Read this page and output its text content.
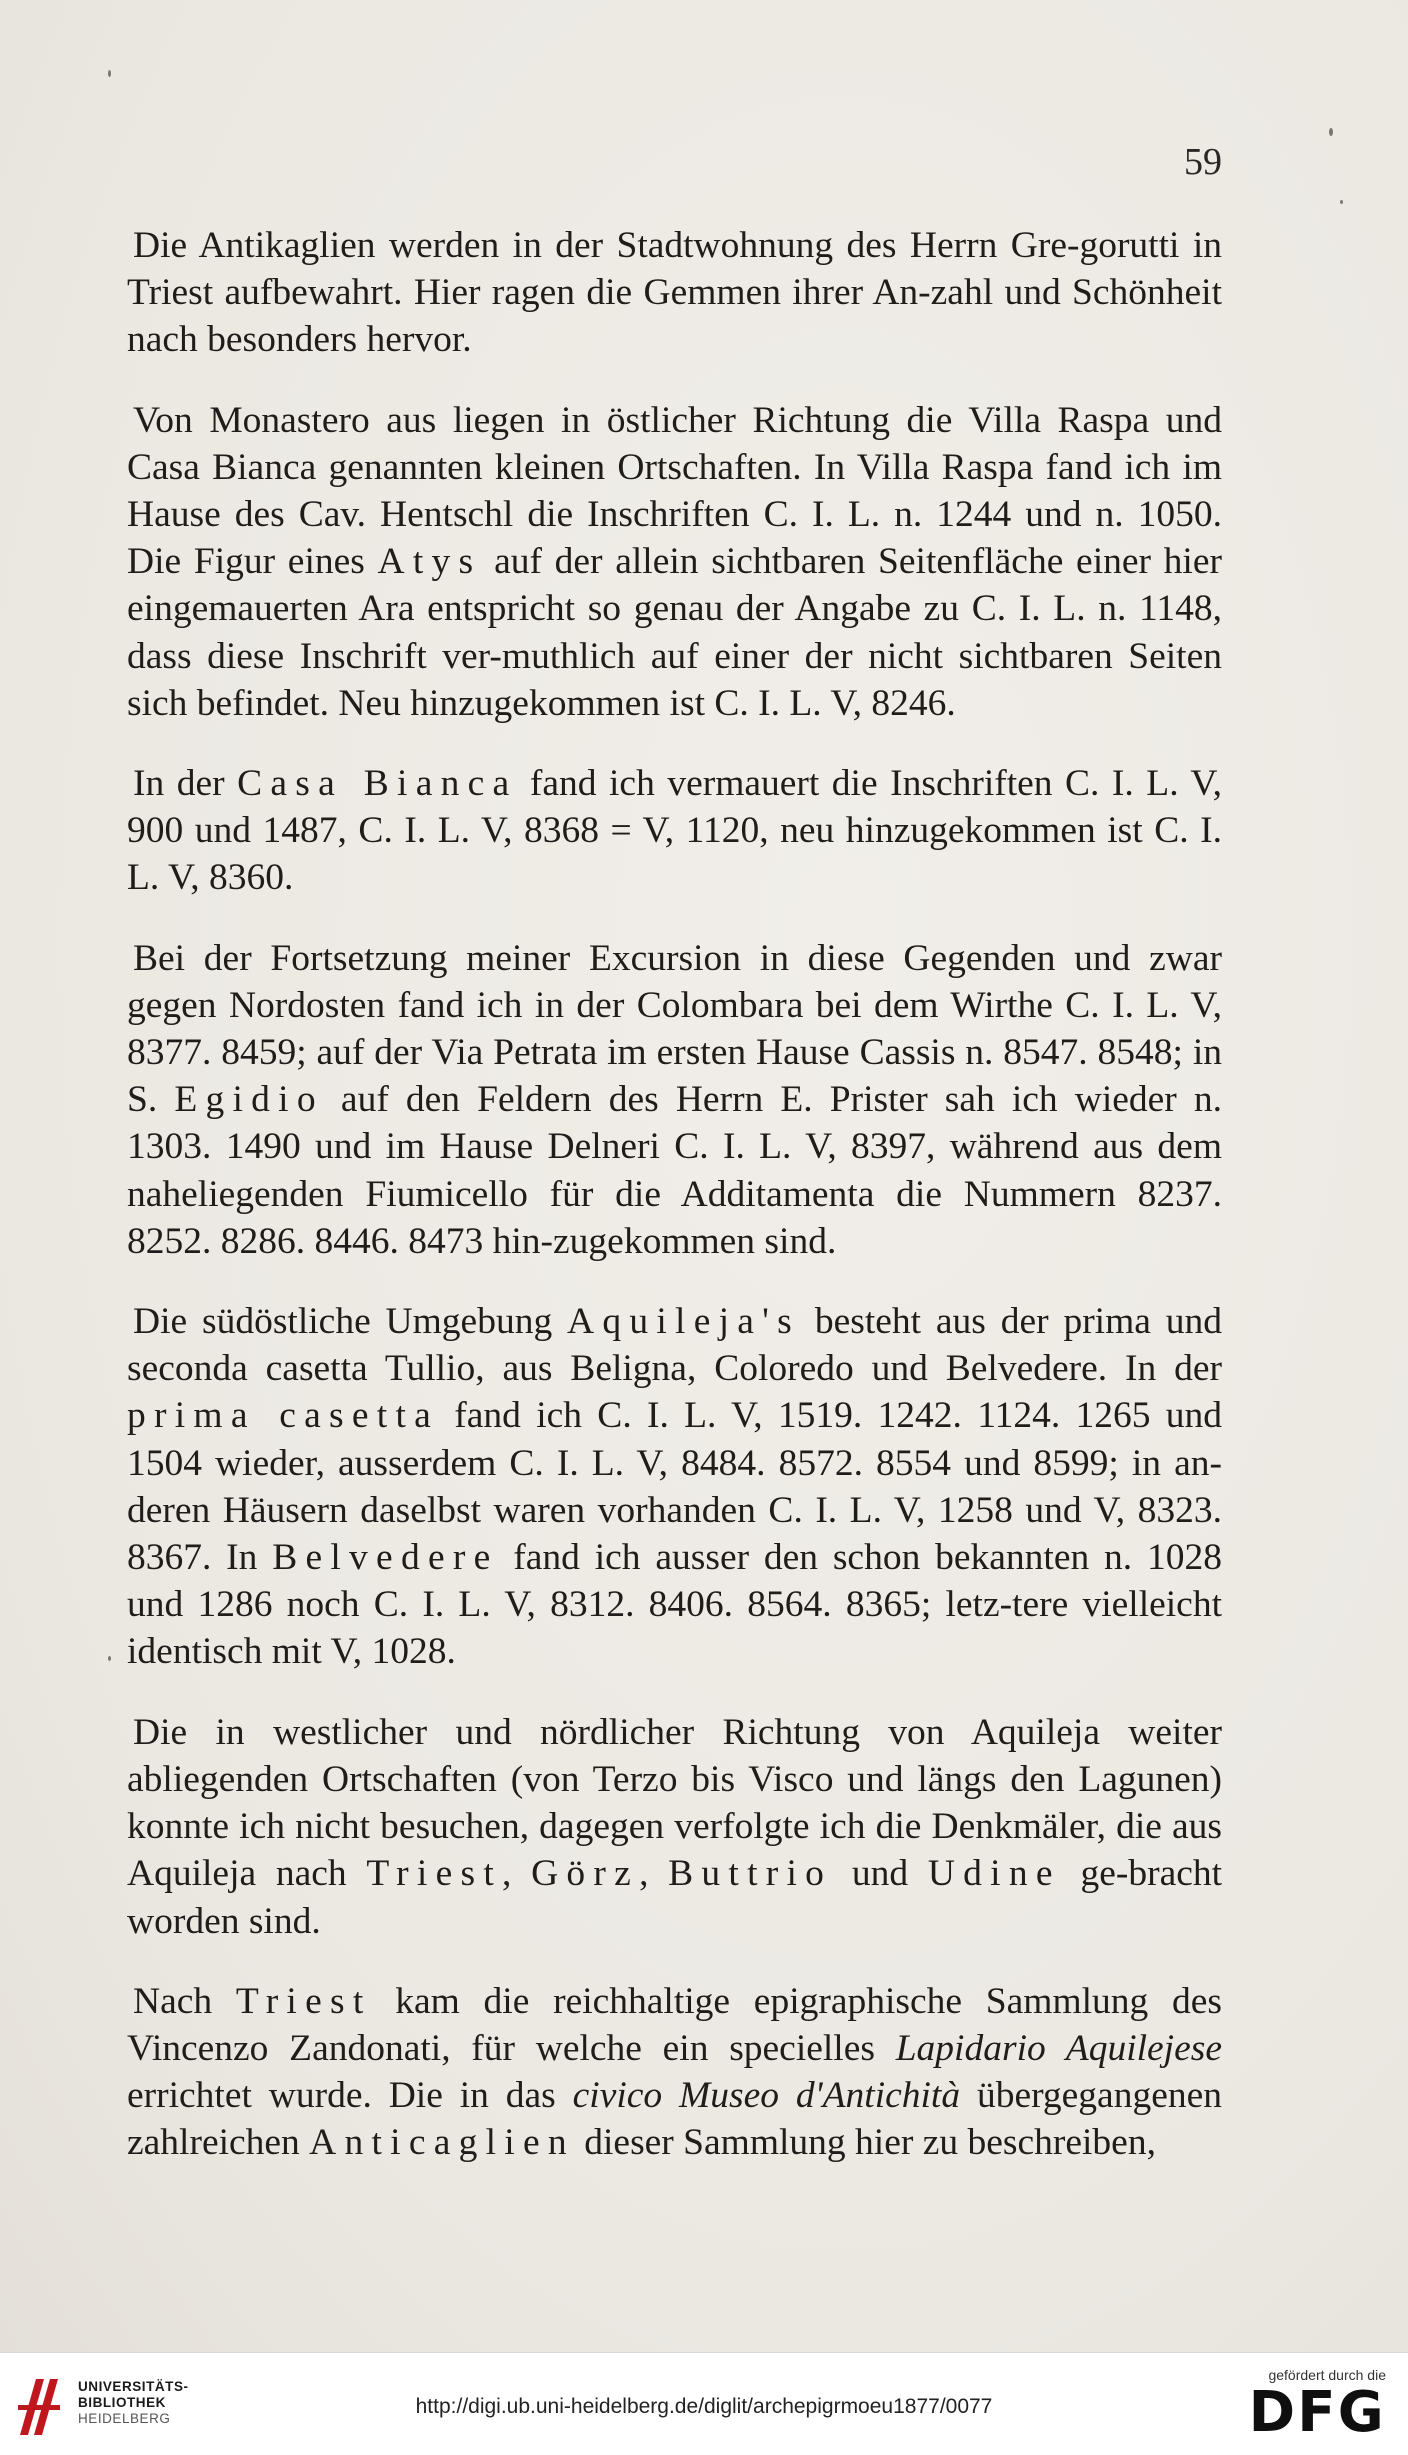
59

Die Antikaglien werden in der Stadtwohnung des Herrn Gre-gorutti in Triest aufbewahrt. Hier ragen die Gemmen ihrer An-zahl und Schönheit nach besonders hervor.

Von Monastero aus liegen in östlicher Richtung die Villa Raspa und Casa Bianca genannten kleinen Ortschaften. In Villa Raspa fand ich im Hause des Cav. Hentschl die Inschriften C. I. L. n. 1244 und n. 1050. Die Figur eines Atys auf der allein sichtbaren Seitenfläche einer hier eingemauerten Ara entspricht so genau der Angabe zu C. I. L. n. 1148, dass diese Inschrift ver-muthlich auf einer der nicht sichtbaren Seiten sich befindet. Neu hinzugekommen ist C. I. L. V, 8246.

In der Casa Bianca fand ich vermauert die Inschriften C. I. L. V, 900 und 1487, C. I. L. V, 8368 = V, 1120, neu hinzugekommen ist C. I. L. V, 8360.

Bei der Fortsetzung meiner Excursion in diese Gegenden und zwar gegen Nordosten fand ich in der Colombara bei dem Wirthe C. I. L. V, 8377. 8459; auf der Via Petrata im ersten Hause Cassis n. 8547. 8548; in S. Egidio auf den Feldern des Herrn E. Prister sah ich wieder n. 1303. 1490 und im Hause Delneri C. I. L. V, 8397, während aus dem naheliegenden Fiumicello für die Additamenta die Nummern 8237. 8252. 8286. 8446. 8473 hin-zugekommen sind.

Die südöstliche Umgebung Aquileja's besteht aus der prima und seconda casetta Tullio, aus Beligna, Coloredo und Belvedere. In der prima casetta fand ich C. I. L. V, 1519. 1242. 1124. 1265 und 1504 wieder, ausserdem C. I. L. V, 8484. 8572. 8554 und 8599; in an-deren Häusern daselbst waren vorhanden C. I. L. V, 1258 und V, 8323. 8367. In Belvedere fand ich ausser den schon bekannten n. 1028 und 1286 noch C. I. L. V, 8312. 8406. 8564. 8365; letz-tere vielleicht identisch mit V, 1028.

Die in westlicher und nördlicher Richtung von Aquileja weiter abliegenden Ortschaften (von Terzo bis Visco und längs den Lagunen) konnte ich nicht besuchen, dagegen verfolgte ich die Denkmäler, die aus Aquileja nach Triest, Görz, Buttrio und Udine ge-bracht worden sind.

Nach Triest kam die reichhaltige epigraphische Sammlung des Vincenzo Zandonati, für welche ein specielles Lapidario Aquilejese errichtet wurde. Die in das civico Museo d'Antichità übergegangenen zahlreichen Anticaglien dieser Sammlung hier zu beschreiben,

UNIVERSITÄTS-
BIBLIOTHEK
HEIDELBERG
http://digi.ub.uni-heidelberg.de/diglit/archepigrmoeu1877/0077
gefördert durch die
DFG
